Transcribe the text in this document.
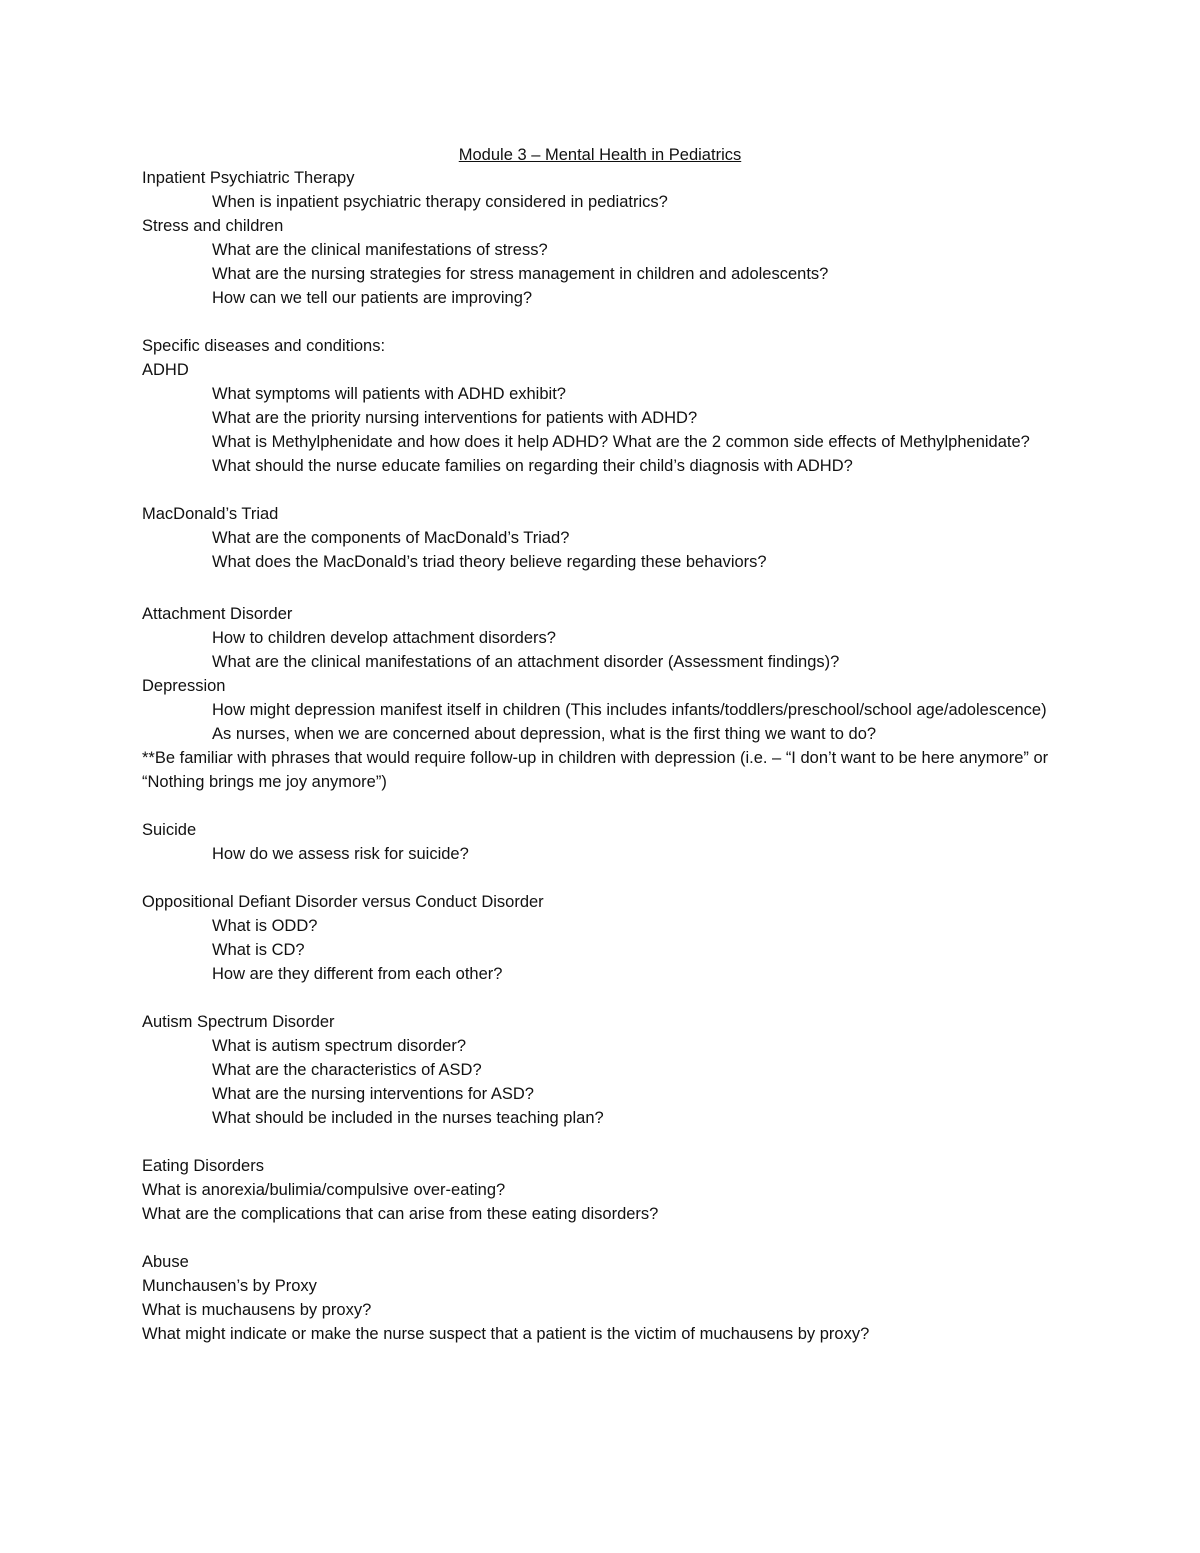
Module 3 – Mental Health in Pediatrics
Inpatient Psychiatric Therapy
When is inpatient psychiatric therapy considered in pediatrics?
Stress and children
What are the clinical manifestations of stress?
What are the nursing strategies for stress management in children and adolescents?
How can we tell our patients are improving?
Specific diseases and conditions:
ADHD
What symptoms will patients with ADHD exhibit?
What are the priority nursing interventions for patients with ADHD?
What is Methylphenidate and how does it help ADHD? What are the 2 common side effects of Methylphenidate?
What should the nurse educate families on regarding their child’s diagnosis with ADHD?
MacDonald’s Triad
What are the components of MacDonald’s Triad?
What does the MacDonald’s triad theory believe regarding these behaviors?
Attachment Disorder
How to children develop attachment disorders?
What are the clinical manifestations of an attachment disorder (Assessment findings)?
Depression
How might depression manifest itself in children (This includes infants/toddlers/preschool/school age/adolescence)
As nurses, when we are concerned about depression, what is the first thing we want to do?
**Be familiar with phrases that would require follow-up in children with depression (i.e. – “I don’t want to be here anymore” or “Nothing brings me joy anymore”)
Suicide
How do we assess risk for suicide?
Oppositional Defiant Disorder versus Conduct Disorder
What is ODD?
What is CD?
How are they different from each other?
Autism Spectrum Disorder
What is autism spectrum disorder?
What are the characteristics of ASD?
What are the nursing interventions for ASD?
What should be included in the nurses teaching plan?
Eating Disorders
What is anorexia/bulimia/compulsive over-eating?
What are the complications that can arise from these eating disorders?
Abuse
Munchausen’s by Proxy
What is muchausens by proxy?
What might indicate or make the nurse suspect that a patient is the victim of muchausens by proxy?
